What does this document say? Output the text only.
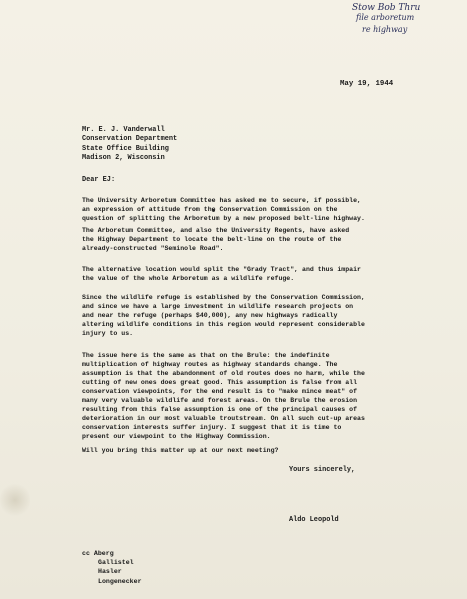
Stow Bob Thru
file arboretum
re highway
May 19, 1944
Mr. E. J. Vanderwall
Conservation Department
State Office Building
Madison 2, Wisconsin
Dear EJ:
The University Arboretum Committee has asked me to secure, if possible,
an expression of attitude from the Conservation Commission on the
question of splitting the Arboretum by a new proposed belt-line highway.
The Arboretum Committee, and also the University Regents, have asked
the Highway Department to locate the belt-line on the route of the
already-constructed "Seminole Road".
The alternative location would split the "Grady Tract", and thus impair
the value of the whole Arboretum as a wildlife refuge.
Since the wildlife refuge is established by the Conservation Commission,
and since we have a large investment in wildlife research projects on
and near the refuge (perhaps $40,000), any new highways radically
altering wildlife conditions in this region would represent considerable
injury to us.
The issue here is the same as that on the Brule: the indefinite
multiplication of highway routes as highway standards change. The
assumption is that the abandonment of old routes does no harm, while the
cutting of new ones does great good. This assumption is false from all
conservation viewpoints, for the end result is to "make mince meat" of
many very valuable wildlife and forest areas. On the Brule the erosion
resulting from this false assumption is one of the principal causes of
deterioration in our most valuable troutstream. On all such cut-up areas
conservation interests suffer injury. I suggest that it is time to
present our viewpoint to the Highway Commission.
Will you bring this matter up at our next meeting?
Yours sincerely,
Aldo Leopold
cc Aberg
Gallistel
Hasler
Longenecker
